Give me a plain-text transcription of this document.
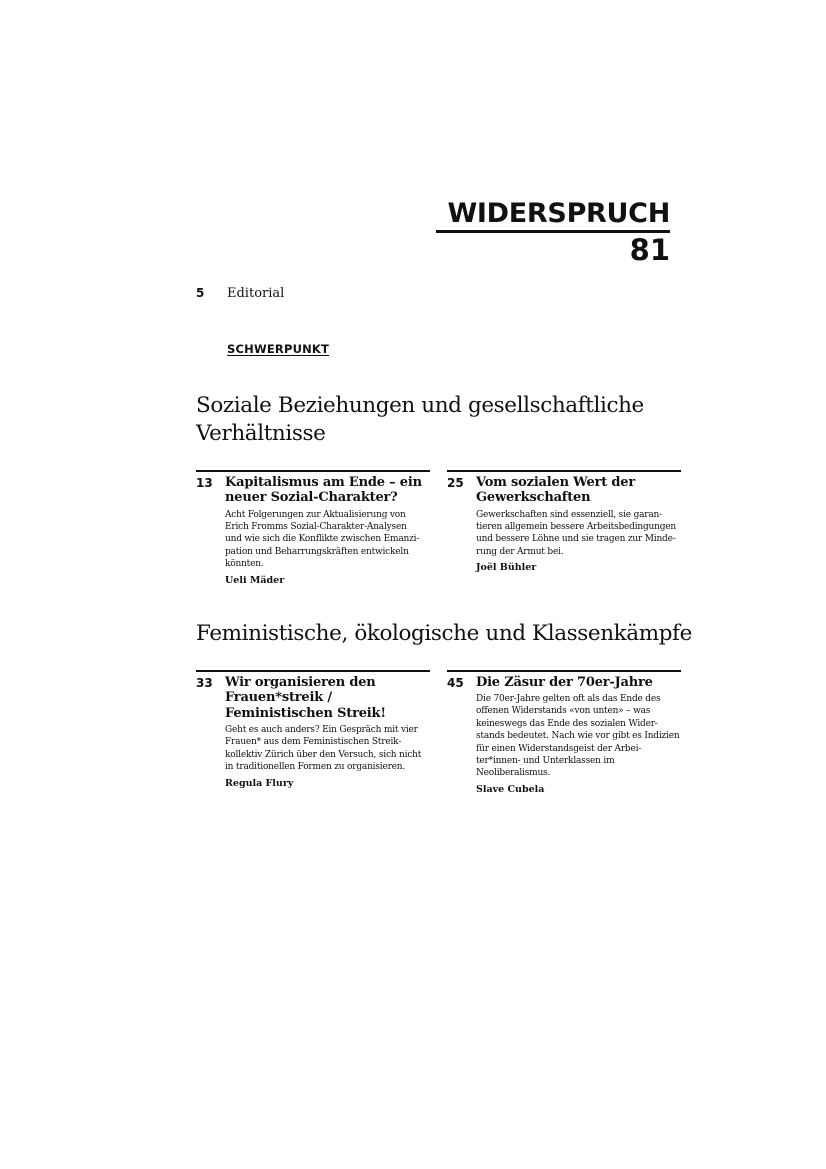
WIDERSPRUCH
81
5 Editorial
SCHWERPUNKT
Soziale Beziehungen und gesellschaftliche
Verhältnisse
13 Kapitalismus am Ende – ein neuer Sozial-Charakter?
Acht Folgerungen zur Aktualisierung von
Erich Fromms Sozial-Charakter-Analysen
und wie sich die Konflikte zwischen Emanzi-
pation und Beharrungskräften entwickeln
könnten.
Ueli Mäder
25 Vom sozialen Wert der Gewerkschaften
Gewerkschaften sind essenziell, sie garan-
tieren allgemein bessere Arbeitsbedingungen
und bessere Löhne und sie tragen zur Minde-
rung der Armut bei.
Joël Bühler
Feministische, ökologische und Klassenkämpfe
33 Wir organisieren den Frauen*streik / Feministischen Streik!
Geht es auch anders? Ein Gespräch mit vier
Frauen* aus dem Feministischen Streik-
kollektiv Zürich über den Versuch, sich nicht
in traditionellen Formen zu organisieren.
Regula Flury
45 Die Zäsur der 70er-Jahre
Die 70er-Jahre gelten oft als das Ende des
offenen Widerstands «von unten» – was
keineswegs das Ende des sozialen Wider-
stands bedeutet. Nach wie vor gibt es Indizien
für einen Widerstandsgeist der Arbei-
ter*innen- und Unterklassen im
Neoliberalismus.
Slave Cubela
